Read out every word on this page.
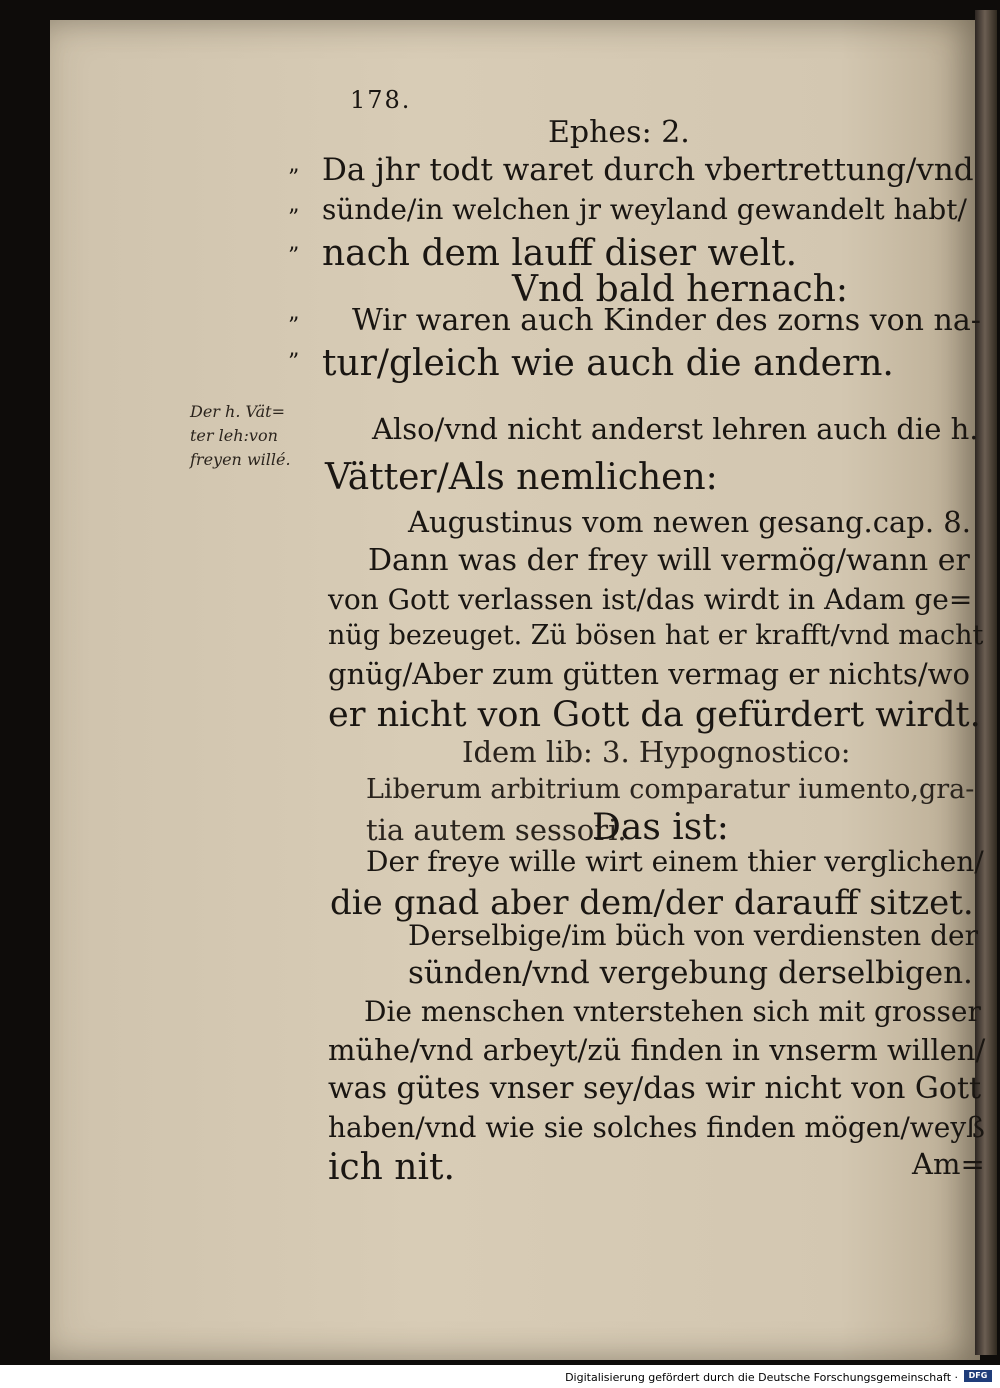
178.
Ephes: 2.
”
”
”
”
”
Der h. Vät=
ter leh:von
freyen willé.
Da jhr todt waret durch vbertrettung/vnd
sünde/in welchen jr weyland gewandelt habt/
nach dem lauff diser welt.
Vnd bald hernach:
Wir waren auch Kinder des zorns von na-
tur/gleich wie auch die andern.
Also/vnd nicht anderst lehren auch die h.
Vätter/Als nemlichen:
Augustinus vom newen gesang.cap. 8.
Dann was der frey will vermög/wann er
von Gott verlassen ist/das wirdt in Adam ge=
nüg bezeuget. Zü bösen hat er krafft/vnd macht
gnüg/Aber zum gütten vermag er nichts/wo
er nicht von Gott da gefürdert wirdt.
Idem lib: 3. Hypognostico:
Liberum arbitrium comparatur iumento,gra-
tia autem sessori.
Das ist:
Der freye wille wirt einem thier verglichen/
die gnad aber dem/der darauff sitzet.
Derselbige/im büch von verdiensten der
sünden/vnd vergebung derselbigen.
Die menschen vnterstehen sich mit grosser
mühe/vnd arbeyt/zü finden in vnserm willen/
was gütes vnser sey/das wir nicht von Gott
haben/vnd wie sie solches finden mögen/weyß
ich nit.	Am=
Digitalisierung gefördert durch die Deutsche Forschungsgemeinschaft ·	DFG
